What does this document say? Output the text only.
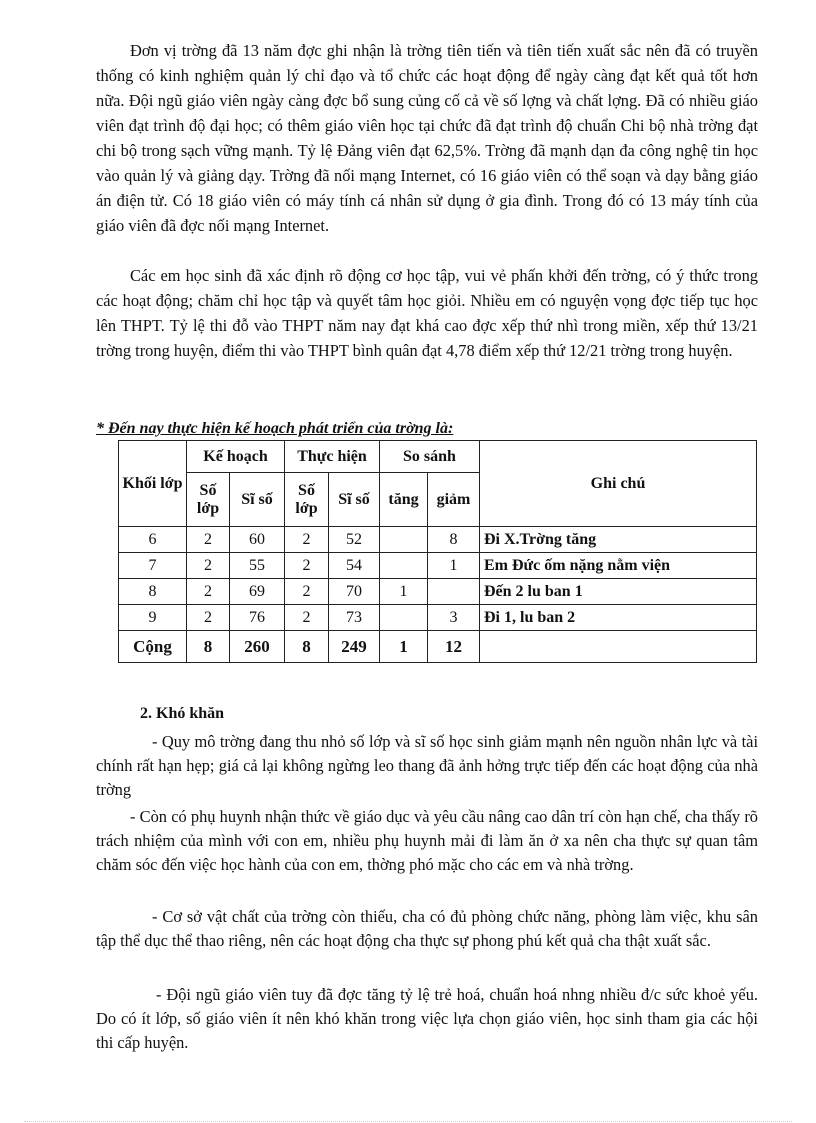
Đơn vị trờng đã 13 năm đợc ghi nhận là trờng tiên tiến và tiên tiến xuất sắc nên đã có truyền thống có kinh nghiệm quản lý chỉ đạo và tổ chức các hoạt động để ngày càng đạt kết quả tốt hơn nữa. Đội ngũ giáo viên ngày càng đợc bổ sung củng cố cả về số lợng và chất lợng. Đã có nhiều giáo viên đạt trình độ đại học; có thêm giáo viên học tại chức đã đạt trình độ chuẩn Chi bộ nhà trờng đạt chi bộ trong sạch vững mạnh. Tỷ lệ Đảng viên đạt 62,5%. Trờng đã mạnh dạn đa công nghệ tin học vào quản lý và giảng dạy. Trờng đã nối mạng Internet, có 16 giáo viên có thể soạn và dạy bằng giáo án điện tử. Có 18 giáo viên có máy tính cá nhân sử dụng ở gia đình. Trong đó có 13 máy tính của giáo viên đã đợc nối mạng Internet.

Các em học sinh đã xác định rõ động cơ học tập, vui vẻ phấn khởi đến trờng, có ý thức trong các hoạt động; chăm chỉ học tập và quyết tâm học giỏi. Nhiều em có nguyện vọng đợc tiếp tục học lên THPT. Tỷ lệ thi đỗ vào THPT năm nay đạt khá cao đợc xếp thứ nhì trong miền, xếp thứ 13/21 trờng trong huyện, điểm thi vào THPT bình quân đạt 4,78 điểm xếp thứ 12/21 trờng trong huyện.

* Đến nay thực hiện kế hoạch phát triển của trờng là:

Khối lớp	Kế hoạch		Thực hiện		So sánh		Ghi chú
	Số lớp	Sĩ số	Số lớp	Sĩ số	tăng	giảm	
6	2	60	2	52		8	Đi X.Trờng tăng
7	2	55	2	54		1	Em Đức ốm nặng nằm viện
8	2	69	2	70	1		Đến 2 lu ban 1
9	2	76	2	73		3	Đi 1, lu ban 2
Cộng	8	260	8	249	1	12	

2. Khó khăn

- Quy mô trờng đang thu nhỏ số lớp và sĩ số học sinh giảm mạnh nên nguồn nhân lực và tài chính rất hạn hẹp; giá cả lại không ngừng leo thang đã ảnh hởng trực tiếp đến các hoạt động của nhà trờng

- Còn có phụ huynh nhận thức về giáo dục và yêu cầu nâng cao dân trí còn hạn chế, cha thấy rõ trách nhiệm của mình với con em, nhiều phụ huynh mải đi làm ăn ở xa nên cha thực sự quan tâm chăm sóc đến việc học hành của con em, thờng phó mặc cho các em và nhà trờng.

- Cơ sở vật chất của trờng còn thiếu, cha có đủ phòng chức năng, phòng làm việc, khu sân tập thể dục thể thao riêng, nên các hoạt động cha thực sự phong phú kết quả cha thật xuất sắc.

- Đội ngũ giáo viên tuy đã đợc tăng tỷ lệ trẻ hoá, chuẩn hoá nhng nhiều đ/c sức khoẻ yếu. Do có ít lớp, số giáo viên ít nên khó khăn trong việc lựa chọn giáo viên, học sinh tham gia các hội thi cấp huyện.
